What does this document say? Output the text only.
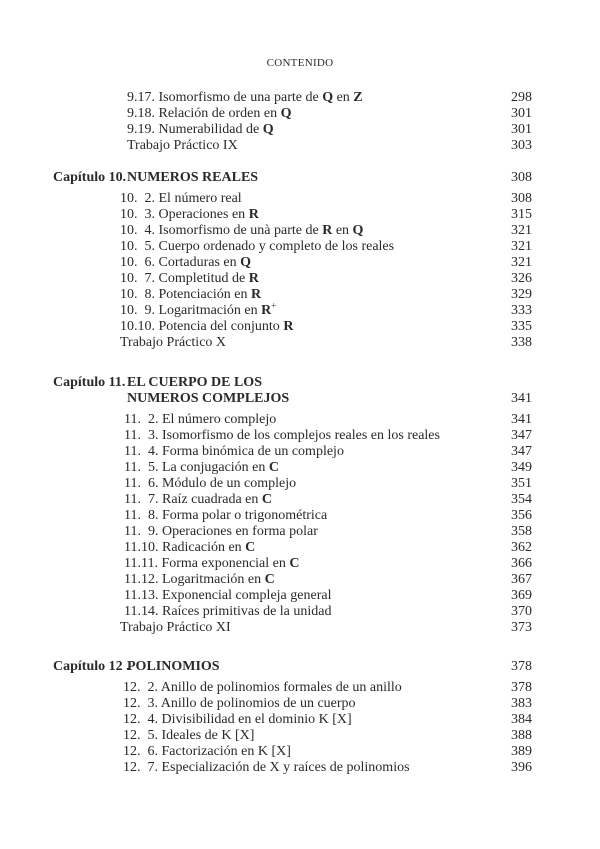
CONTENIDO
9.17. Isomorfismo de una parte de Q en Z	298
9.18. Relación de orden en Q	301
9.19. Numerabilidad de Q	301
Trabajo Práctico IX	303
Capítulo 10. NUMEROS REALES	308
10.  2. El número real	308
10.  3. Operaciones en R	315
10.  4. Isomorfismo de unà parte de R en Q	321
10.  5. Cuerpo ordenado y completo de los reales	321
10.  6. Cortaduras en Q	321
10.  7. Completitud de R	326
10.  8. Potenciación en R	329
10.  9. Logaritmación en R+	333
10.10. Potencia del conjunto R	335
Trabajo Práctico X	338
Capítulo 11. EL CUERPO DE LOS
NUMEROS COMPLEJOS	341
11.  2. El número complejo	341
11.  3. Isomorfismo de los complejos reales en los reales	347
11.  4. Forma binómica de un complejo	347
11.  5. La conjugación en C	349
11.  6. Módulo de un complejo	351
11.  7. Raíz cuadrada en C	354
11.  8. Forma polar o trigonométrica	356
11.  9. Operaciones en forma polar	358
11.10. Radicación en C	362
11.11. Forma exponencial en C	366
11.12. Logaritmación en C	367
11.13. Exponencial compleja general	369
11.14. Raíces primitivas de la unidad	370
Trabajo Práctico XI	373
Capítulo 12 .
POLINOMIOS	378
12.  2. Anillo de polinomios formales de un anillo	378
12.  3. Anillo de polinomios de un cuerpo	383
12.  4. Divisibilidad en el dominio K [X]	384
12.  5. Ideales de K [X]	388
12.  6. Factorización en K [X]	389
12.  7. Especialización de X y raíces de polinomios	396
